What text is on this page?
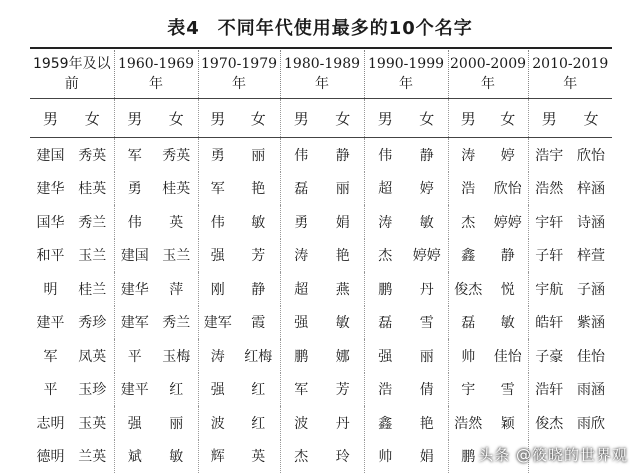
表4 不同年代使用最多的10个名字
1959年及以前		1960-1969年		1970-1979年		1980-1989年		1990-1999年		2000-2009年		2010-2019年	
男	女	男	女	男	女	男	女	男	女	男	女	男	女
建国	秀英	军	秀英	勇	丽	伟	静	伟	静	涛	婷	浩宇	欣怡
建华	桂英	勇	桂英	军	艳	磊	丽	超	婷	浩	欣怡	浩然	梓涵
国华	秀兰	伟	英	伟	敏	勇	娟	涛	敏	杰	婷婷	宇轩	诗涵
和平	玉兰	建国	玉兰	强	芳	涛	艳	杰	婷婷	鑫	静	子轩	梓萱
明	桂兰	建华	萍	刚	静	超	燕	鹏	丹	俊杰	悦	宇航	子涵
建平	秀珍	建军	秀兰	建军	霞	强	敏	磊	雪	磊	敏	皓轩	紫涵
军	凤英	平	玉梅	涛	红梅	鹏	娜	强	丽	帅	佳怡	子豪	佳怡
平	玉珍	建平	红	强	红	军	芳	浩	倩	宇	雪	浩轩	雨涵
志明	玉英	强	丽	波	红	波	丹	鑫	艳	浩然	颖	俊杰	雨欣
德明	兰英	斌	敏	辉	英	杰	玲	帅	娟	鹏			头条 @筱晓的世界观
